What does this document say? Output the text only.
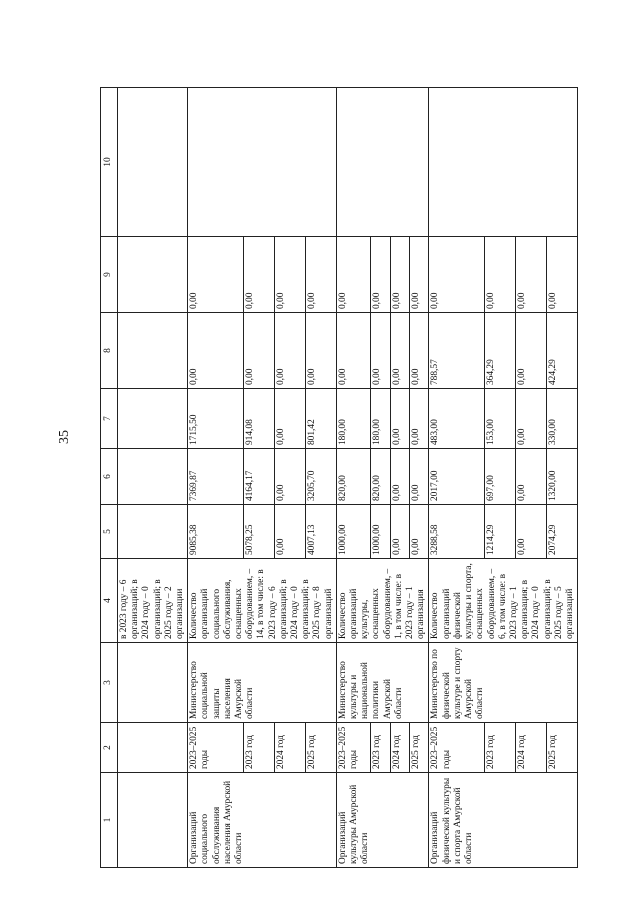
35
1	2	3	4	5	6	7	8	9	10
			в 2023 году – 6 организаций; в 2024 году – 0 организаций; в 2025 году – 2 организации						
Организаций социального обслуживания населения Амурской области	2023–2025 годы	Министерство социальной защиты населения Амурской области	Количество организаций социального обслуживания, оснащенных оборудованием, – 14, в том числе: в 2023 году – 6 организаций; в 2024 году – 0 организаций; в 2025 году – 8 организаций	9085,38	7369,87	1715,50	0,00	0,00	
	2023 год			5078,25	4164,17	914,08	0,00	0,00	
	2024 год			0,00	0,00	0,00	0,00	0,00	
	2025 год			4007,13	3205,70	801,42	0,00	0,00	
Организаций культуры Амурской области	2023–2025 годы	Министерство культуры и национальной политики Амурской области	Количество организаций культуры, оснащенных оборудованием, – 1, в том числе: в 2023 году – 1 организация	1000,00	820,00	180,00	0,00	0,00	
	2023 год			1000,00	820,00	180,00	0,00	0,00	
	2024 год			0,00	0,00	0,00	0,00	0,00	
	2025 год			0,00	0,00	0,00	0,00	0,00	
Организаций физической культуры и спорта Амурской области	2023–2025 годы	Министерство по физической культуре и спорту Амурской области	Количество организаций физической культуры и спорта, оснащенных оборудованием, – 6, в том числе: в 2023 году – 1 организация; в 2024 году – 0 организаций; в 2025 году – 5 организаций	3288,58	2017,00	483,00	788,57	0,00	
	2023 год			1214,29	697,00	153,00	364,29	0,00	
	2024 год			0,00	0,00	0,00	0,00	0,00	
	2025 год			2074,29	1320,00	330,00	424,29	0,00	
